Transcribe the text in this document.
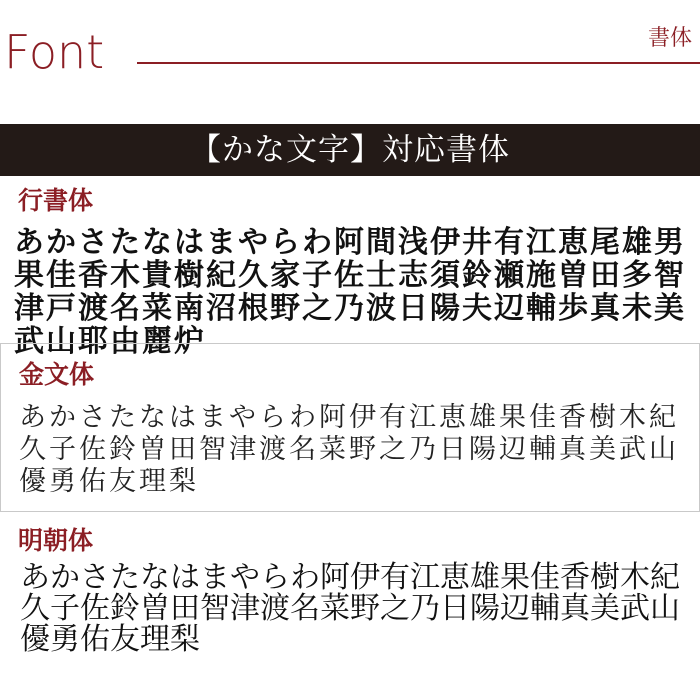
Font	書体
【かな文字】対応書体
行書体

あかさたなはまやらわ阿間浅伊井有江恵尾雄男果佳香木貴樹紀久家子佐士志須鈴瀬施曽田多智津戸渡名菜南沼根野之乃波日陽夫辺輔歩真未美武山耶由麗炉

金文体

あかさたなはまやらわ阿伊有江恵雄果佳香樹木紀久子佐鈴曽田智津渡名菜野之乃日陽辺輔真美武山優勇佑友理梨

明朝体

あかさたなはまやらわ阿伊有江恵雄果佳香樹木紀久子佐鈴曽田智津渡名菜野之乃日陽辺輔真美武山優勇佑友理梨
